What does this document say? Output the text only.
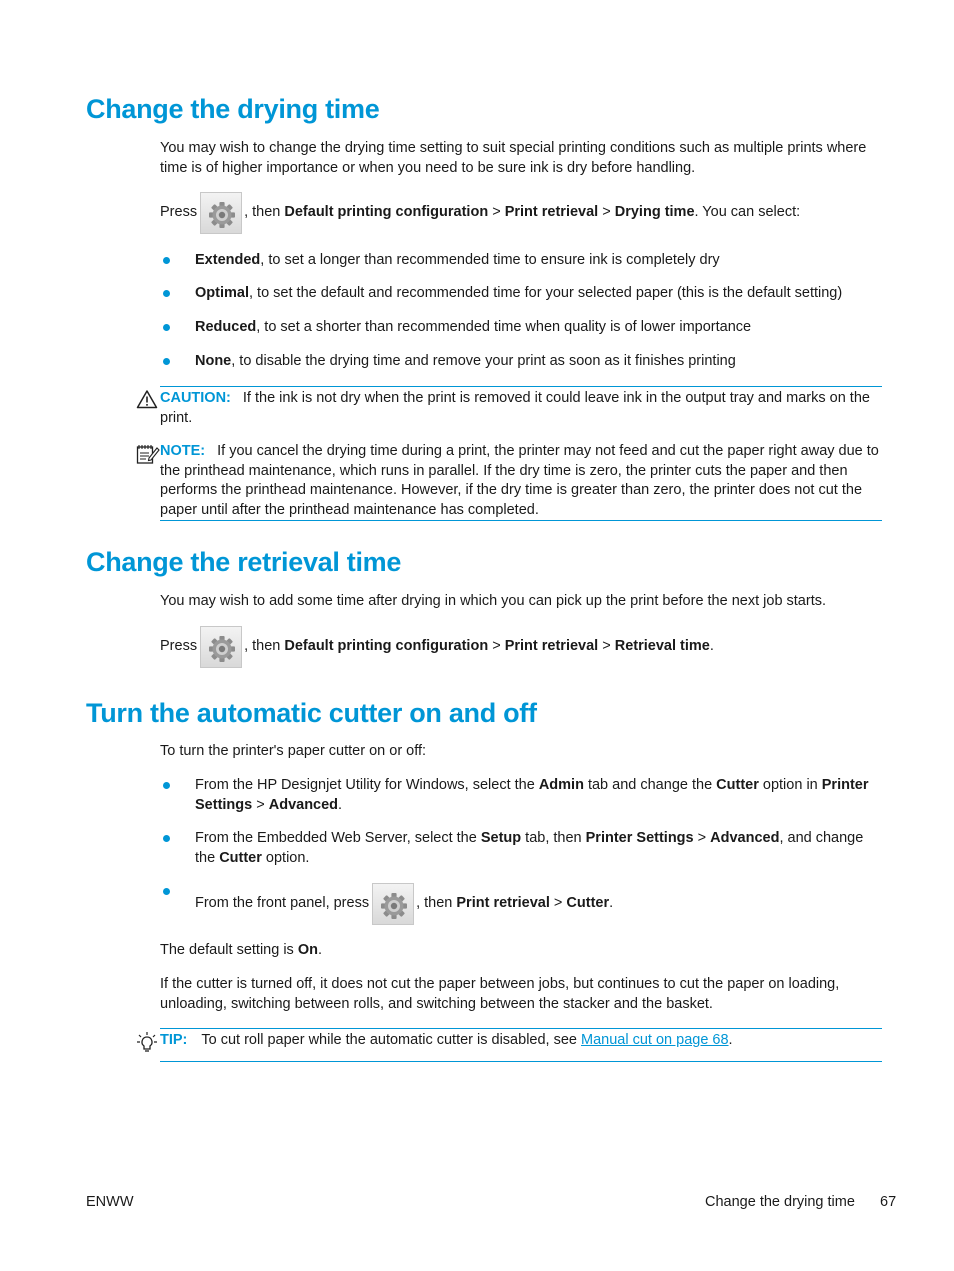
Change the drying time

You may wish to change the drying time setting to suit special printing conditions such as multiple prints where time is of higher importance or when you need to be sure ink is dry before handling.

Press	, then Default printing configuration > Print retrieval > Drying time . You can select:
Extended, to set a longer than recommended time to ensure ink is completely dry
Optimal, to set the default and recommended time for your selected paper (this is the default setting)
Reduced, to set a shorter than recommended time when quality is of lower importance
None, to disable the drying time and remove your print as soon as it finishes printing

CAUTION: If the ink is not dry when the print is removed it could leave ink in the output tray and marks on the print.

NOTE: If you cancel the drying time during a print, the printer may not feed and cut the paper right away due to the printhead maintenance, which runs in parallel. If the dry time is zero, the printer cuts the paper and then performs the printhead maintenance. However, if the dry time is greater than zero, the printer does not cut the paper until after the printhead maintenance has completed.

Change the retrieval time

You may wish to add some time after drying in which you can pick up the print before the next job starts.

Press	, then Default printing configuration > Print retrieval > Retrieval time .
Turn the automatic cutter on and off

To turn the printer's paper cutter on or off:

From the HP Designjet Utility for Windows, select the Admin tab and change the Cutter option in Printer Settings > Advanced.
From the Embedded Web Server, select the Setup tab, then Printer Settings > Advanced, and change the Cutter option.
From the front panel, press	, then Print retrieval > Cutter .

The default setting is On.

If the cutter is turned off, it does not cut the paper between jobs, but continues to cut the paper on loading, unloading, switching between rolls, and switching between the stacker and the basket.

TIP: To cut roll paper while the automatic cutter is disabled, see Manual cut on page 68.

ENWW	Change the drying time 67
